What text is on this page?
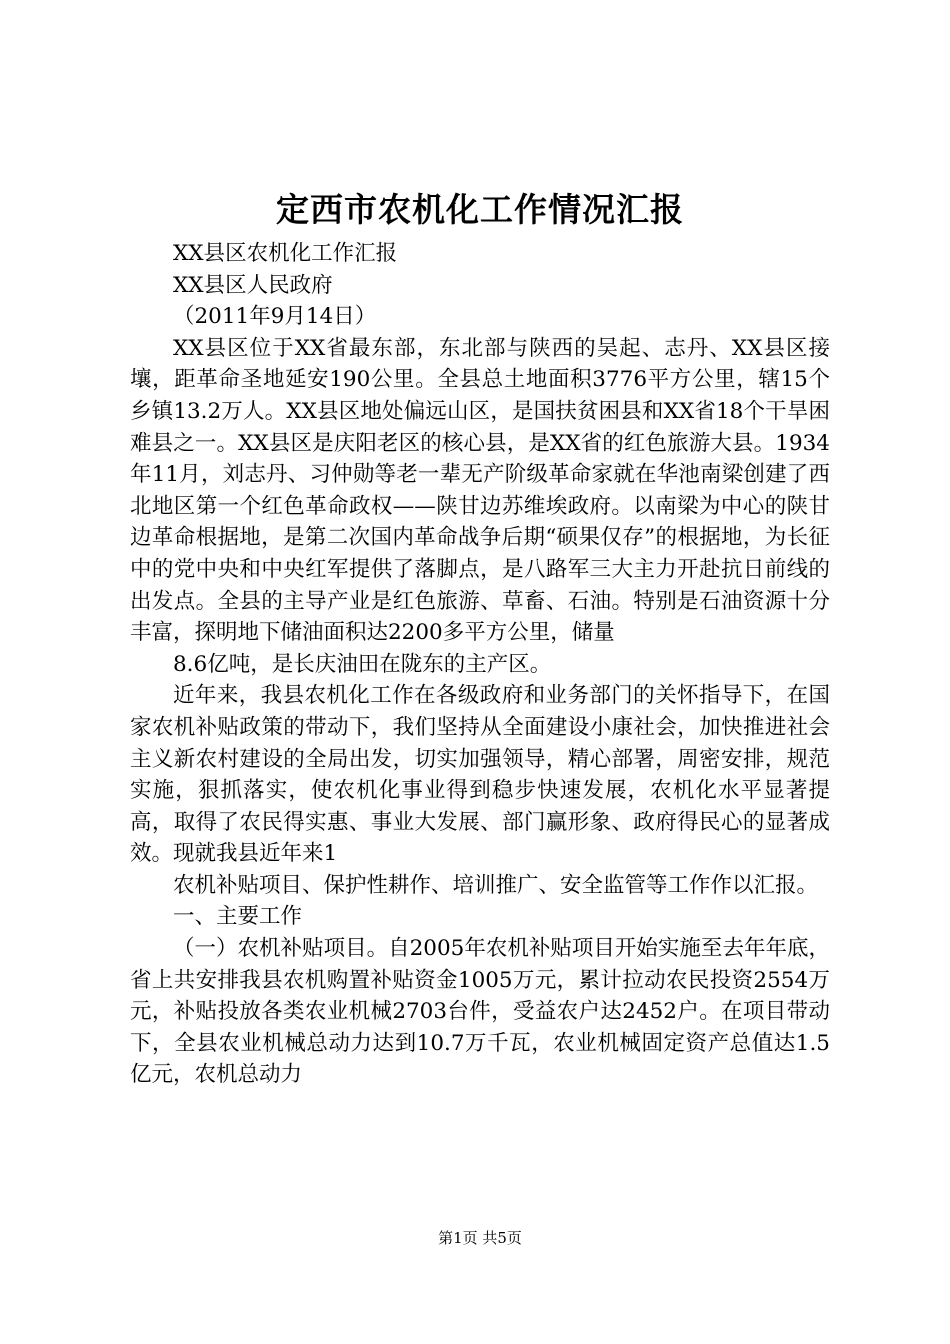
定西市农机化工作情况汇报

XX县区农机化工作汇报

XX县区人民政府

（2011年9月14日）

XX县区位于XX省最东部，东北部与陕西的吴起、志丹、XX县区接壤，距革命圣地延安190公里。全县总土地面积3776平方公里，辖15个乡镇13.2万人。XX县区地处偏远山区，是国扶贫困县和XX省18个干旱困难县之一。XX县区是庆阳老区的核心县，是XX省的红色旅游大县。1934年11月，刘志丹、习仲勋等老一辈无产阶级革命家就在华池南梁创建了西北地区第一个红色革命政权——陕甘边苏维埃政府。以南梁为中心的陕甘边革命根据地，是第二次国内革命战争后期“硕果仅存”的根据地，为长征中的党中央和中央红军提供了落脚点，是八路军三大主力开赴抗日前线的出发点。全县的主导产业是红色旅游、草畜、石油。特别是石油资源十分丰富，探明地下储油面积达2200多平方公里，储量

8.6亿吨，是长庆油田在陇东的主产区。

近年来，我县农机化工作在各级政府和业务部门的关怀指导下，在国家农机补贴政策的带动下，我们坚持从全面建设小康社会，加快推进社会主义新农村建设的全局出发，切实加强领导，精心部署，周密安排，规范实施，狠抓落实，使农机化事业得到稳步快速发展，农机化水平显著提高，取得了农民得实惠、事业大发展、部门赢形象、政府得民心的显著成效。现就我县近年来1

农机补贴项目、保护性耕作、培训推广、安全监管等工作作以汇报。

一、主要工作

（一）农机补贴项目。自2005年农机补贴项目开始实施至去年年底，省上共安排我县农机购置补贴资金1005万元，累计拉动农民投资2554万元，补贴投放各类农业机械2703台件，受益农户达2452户。在项目带动下，全县农业机械总动力达到10.7万千瓦，农业机械固定资产总值达1.5亿元，农机总动力

第1页 共5页
